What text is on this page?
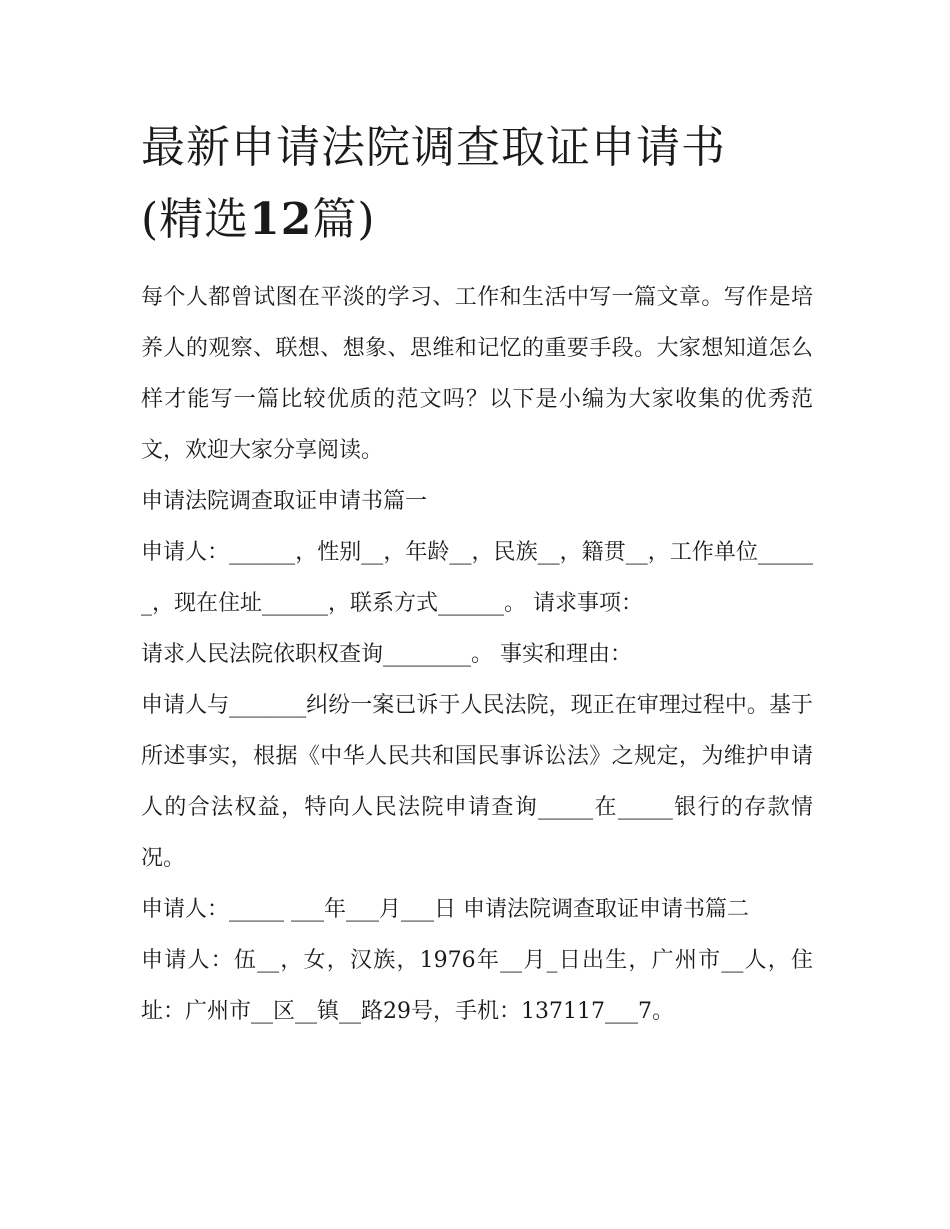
最新申请法院调查取证申请书
(精选12篇)

每个人都曾试图在平淡的学习、工作和生活中写一篇文章。写作是培养人的观察、联想、想象、思维和记忆的重要手段。大家想知道怎么样才能写一篇比较优质的范文吗？以下是小编为大家收集的优秀范文，欢迎大家分享阅读。

申请法院调查取证申请书篇一

申请人：______，性别__，年龄__，民族__，籍贯__，工作单位______，现在住址______，联系方式______。 请求事项：

请求人民法院依职权查询________。 事实和理由：

申请人与_______纠纷一案已诉于人民法院，现正在审理过程中。基于所述事实，根据《中华人民共和国民事诉讼法》之规定，为维护申请人的合法权益，特向人民法院申请查询_____在_____银行的存款情况。

申请人：_____ ___年___月___日 申请法院调查取证申请书篇二

申请人：伍__，女，汉族，1976年__月_日出生，广州市__人，住址：广州市__区__镇__路29号，手机：137117___7。
